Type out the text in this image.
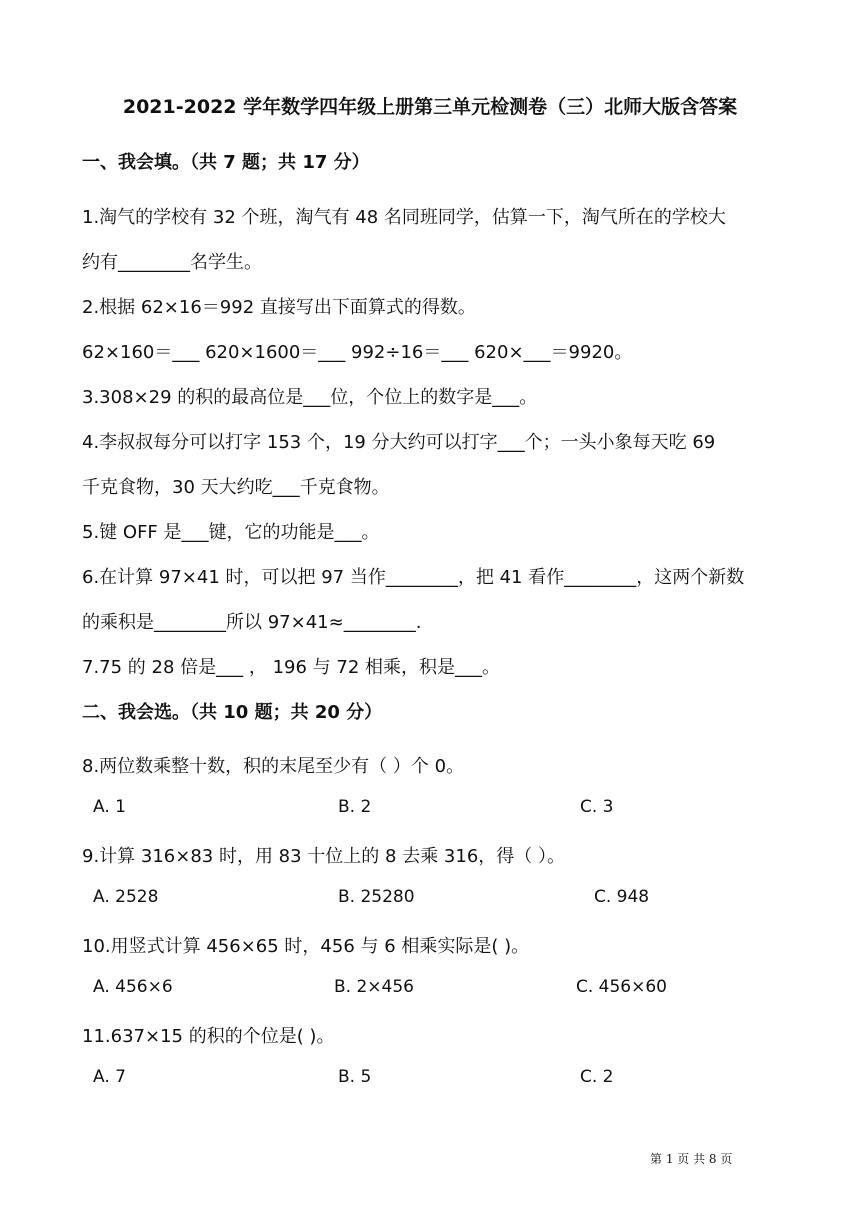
2021-2022 学年数学四年级上册第三单元检测卷（三）北师大版含答案
一、我会填。（共 7 题；共 17 分）
1.淘气的学校有 32 个班，淘气有 48 名同班同学，估算一下，淘气所在的学校大
约有________名学生。
2.根据 62×16＝992 直接写出下面算式的得数。
62×160＝___ 620×1600＝___ 992÷16＝___ 620×___＝9920。
3.308×29 的积的最高位是___位，个位上的数字是___。
4.李叔叔每分可以打字 153 个，19 分大约可以打字___个；一头小象每天吃 69
千克食物，30 天大约吃___千克食物。
5.键 OFF 是___键，它的功能是___。
6.在计算 97×41 时，可以把 97 当作________，把 41 看作________，这两个新数
的乘积是________所以 97×41≈________.
7.75 的 28 倍是___ ， 196 与 72 相乘，积是___。
二、我会选。（共 10 题；共 20 分）
8.两位数乘整十数，积的末尾至少有（ ）个 0。
A. 1	B. 2	C. 3
9.计算 316×83 时，用 83 十位上的 8 去乘 316，得（ ）。
A. 2528	B. 25280	C. 948
10.用竖式计算 456×65 时，456 与 6 相乘实际是( )。
A. 456×6	B. 2×456	C. 456×60
11.637×15 的积的个位是( )。
A. 7	B. 5	C. 2
第 1 页 共 8 页
